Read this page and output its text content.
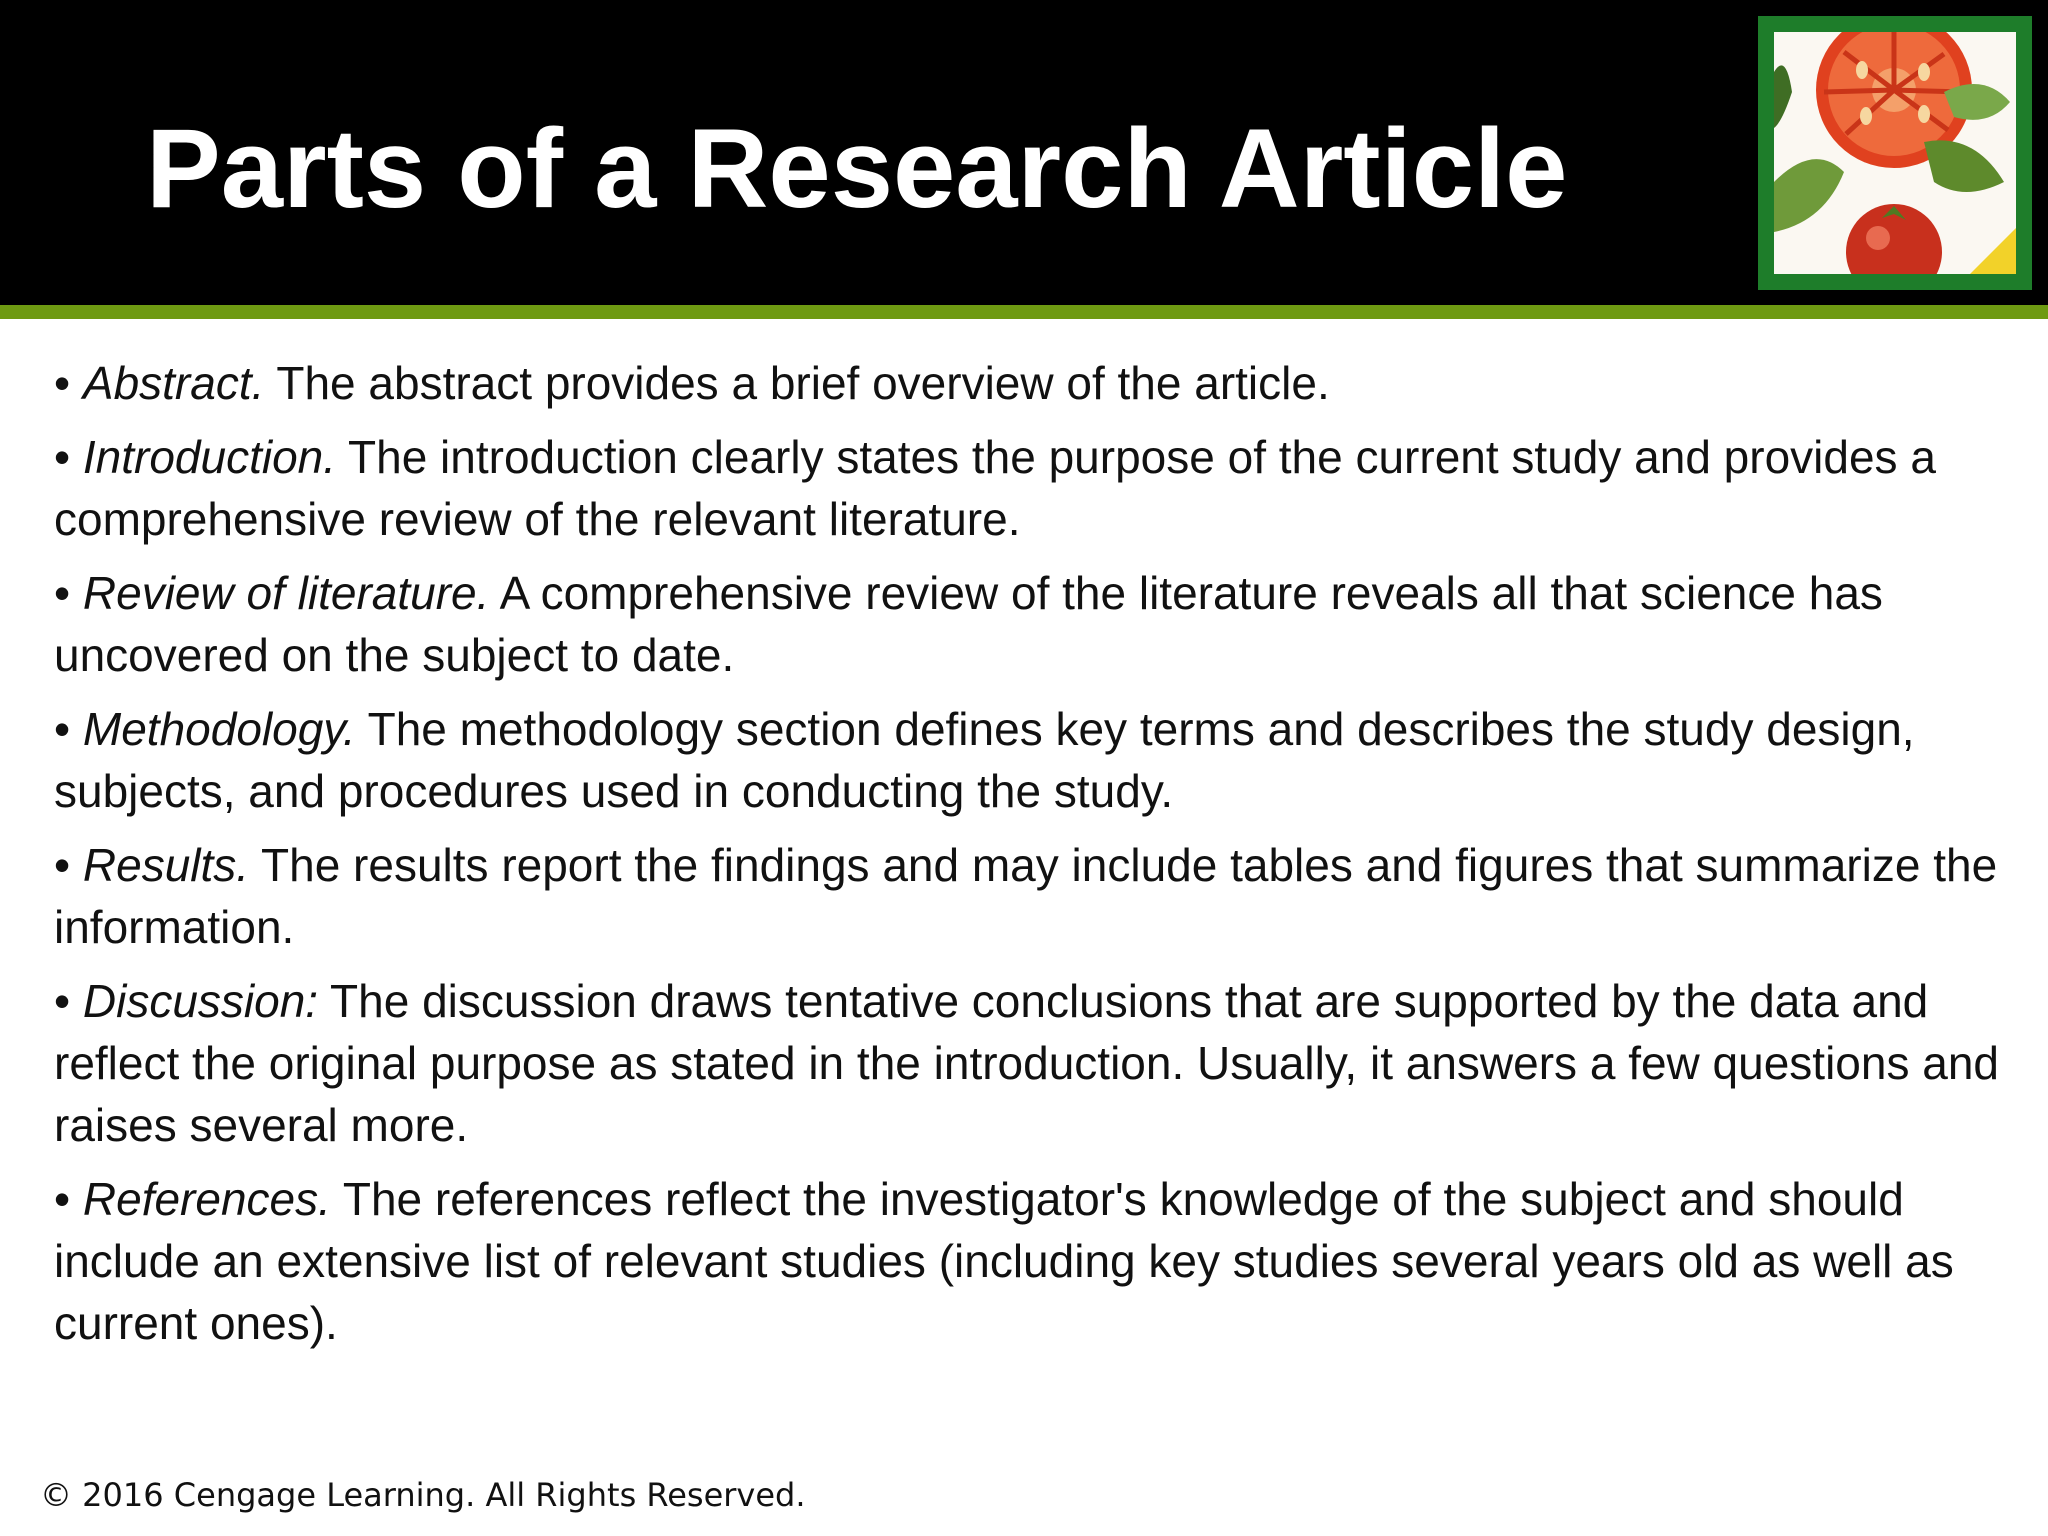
Parts of a Research Article

• Abstract. The abstract provides a brief overview of the article.

• Introduction. The introduction clearly states the purpose of the current study and provides a comprehensive review of the relevant literature.

• Review of literature. A comprehensive review of the literature reveals all that science has uncovered on the subject to date.

• Methodology. The methodology section defines key terms and describes the study design, subjects, and procedures used in conducting the study.

• Results. The results report the findings and may include tables and figures that summarize the information.

• Discussion: The discussion draws tentative conclusions that are supported by the data and reflect the original purpose as stated in the introduction. Usually, it answers a few questions and raises several more.

• References. The references reflect the investigator's knowledge of the subject and should include an extensive list of relevant studies (including key studies several years old as well as current ones).

© 2016 Cengage Learning. All Rights Reserved.
